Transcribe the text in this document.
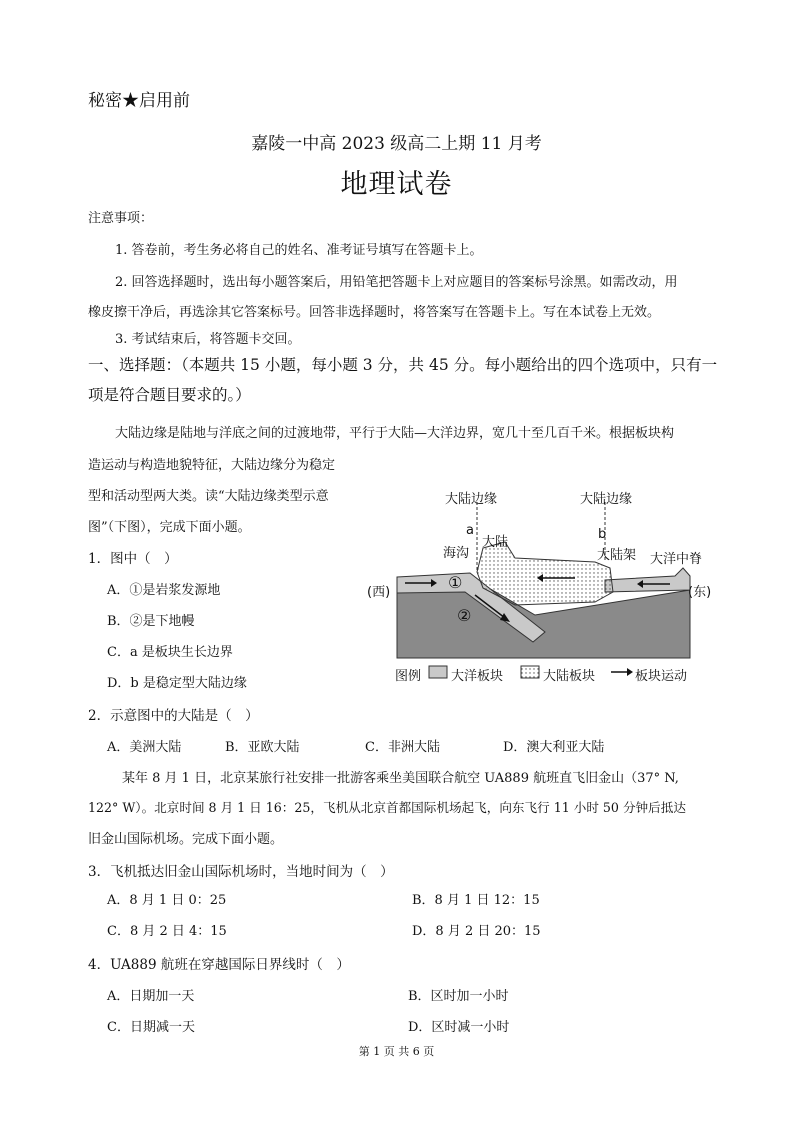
秘密★启用前
嘉陵一中高 2023 级高二上期 11 月考
地理试卷
注意事项：
1. 答卷前，考生务必将自己的姓名、准考证号填写在答题卡上。
2. 回答选择题时，选出每小题答案后，用铅笔把答题卡上对应题目的答案标号涂黑。如需改动，用
橡皮擦干净后，再选涂其它答案标号。回答非选择题时，将答案写在答题卡上。写在本试卷上无效。
3. 考试结束后，将答题卡交回。
一、选择题：（本题共 15 小题，每小题 3 分，共 45 分。每小题给出的四个选项中，只有一
项是符合题目要求的。）
大陆边缘是陆地与洋底之间的过渡地带，平行于大陆—大洋边界，宽几十至几百千米。根据板块构
造运动与构造地貌特征，大陆边缘分为稳定
型和活动型两大类。读“大陆边缘类型示意
图”（下图），完成下面小题。
1．图中（　）
A．①是岩浆发源地
B．②是下地幔
C．a 是板块生长边界
D．b 是稳定型大陆边缘
大陆边缘	大陆边缘
a	b
海沟
大陆
大陆架 大洋中脊
(西)	(东)
①
②
图例 大洋板块	大陆板块	板块运动
2．示意图中的大陆是（　）
A．美洲大陆	B．亚欧大陆	C．非洲大陆	D．澳大利亚大陆
某年 8 月 1 日，北京某旅行社安排一批游客乘坐美国联合航空 UA889 航班直飞旧金山（37° N,
122° W）。北京时间 8 月 1 日 16：25，飞机从北京首都国际机场起飞，向东飞行 11 小时 50 分钟后抵达
旧金山国际机场。完成下面小题。
3．飞机抵达旧金山国际机场时，当地时间为（　）
A．8 月 1 日 0：25	B．8 月 1 日 12：15
C．8 月 2 日 4：15	D．8 月 2 日 20：15
4．UA889 航班在穿越国际日界线时（　）
A．日期加一天	B．区时加一小时
C．日期减一天	D．区时减一小时
第 1 页 共 6 页
